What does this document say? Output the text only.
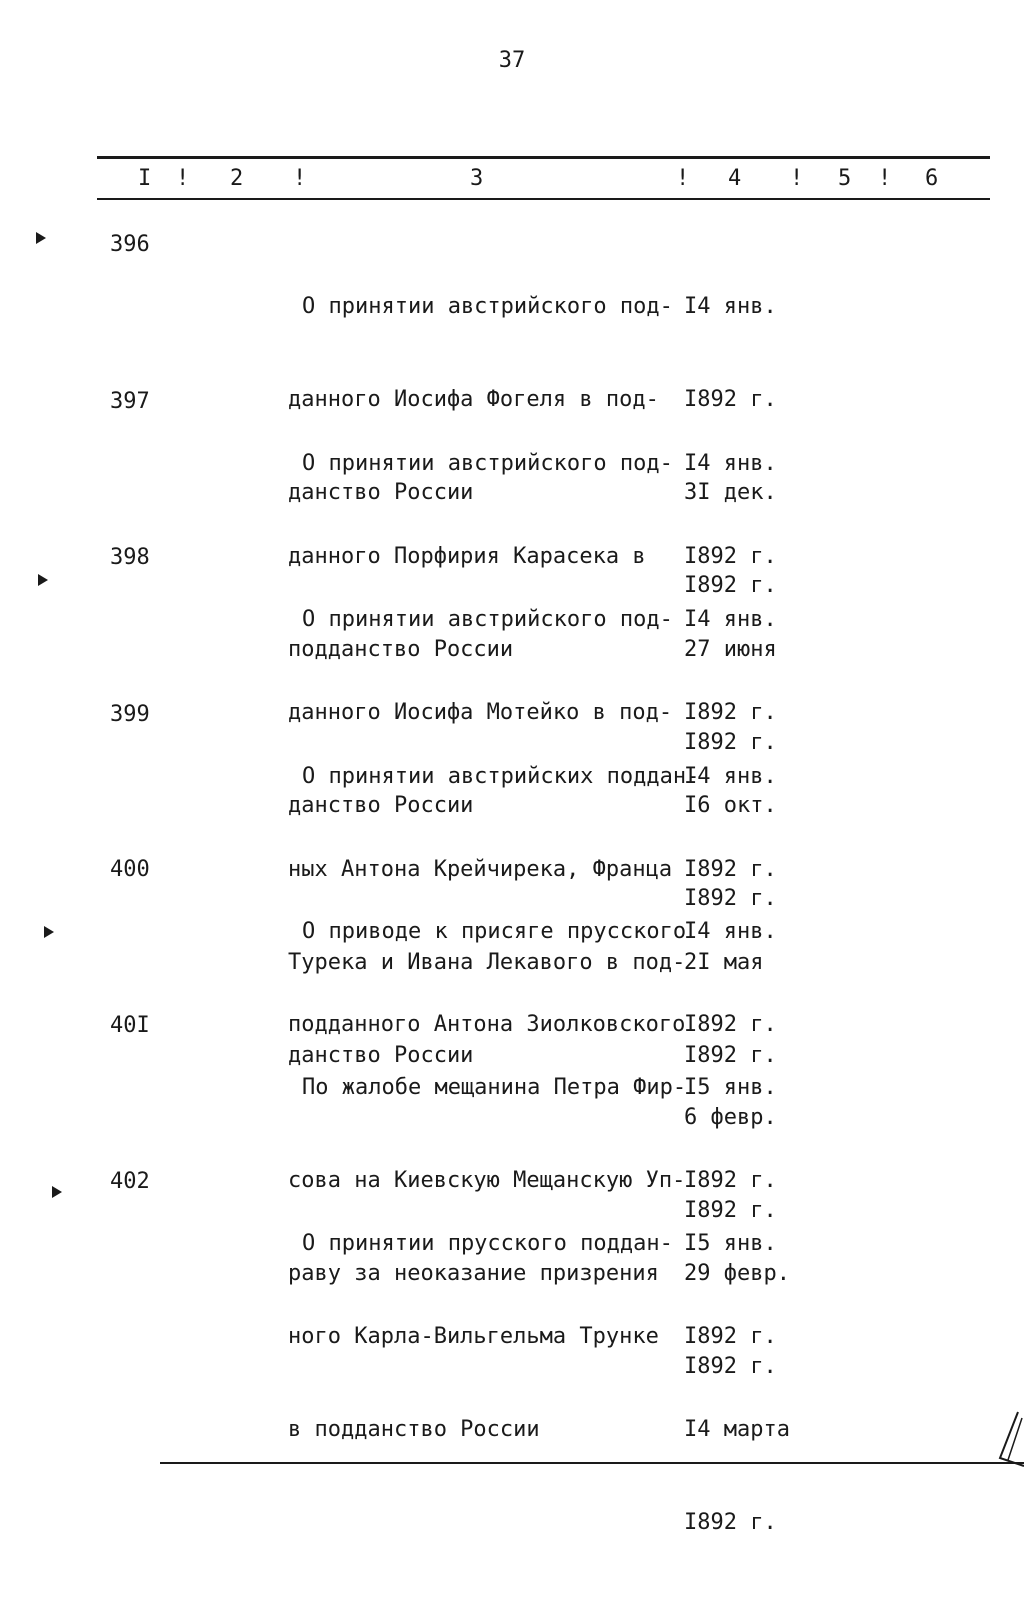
37
I ! 2 !	3	! 4 ! 5 ! 6
396

О принятии австрийского под-

данного Иосифа Фогеля в под-

данство России

I4 янв.

I892 г.

3I дек.

I892 г.

397

О принятии австрийского под-

данного Порфирия Карасека в

подданство России

I4 янв.

I892 г.

27 июня

I892 г.

398

О принятии австрийского под-

данного Иосифа Мотейко в под-

данство России

I4 янв.

I892 г.

I6 окт.

I892 г.

399

О принятии австрийских поддан-

ных Антона Крейчирека, Франца

Турека и Ивана Лекавого в под-

данство России

I4 янв.

I892 г.

2I мая

I892 г.

400

О приводе к присяге прусского

подданного Антона Зиолковского

I4 янв.

I892 г.

6 февр.

I892 г.

40I

По жалобе мещанина Петра Фир-

сова на Киевскую Мещанскую Уп-

раву за неоказание призрения

I5 янв.

I892 г.

29 февр.

I892 г.

402

О принятии прусского поддан-

ного Карла-Вильгельма Трунке

в подданство России

I5 янв.

I892 г.

I4 марта

I892 г.
